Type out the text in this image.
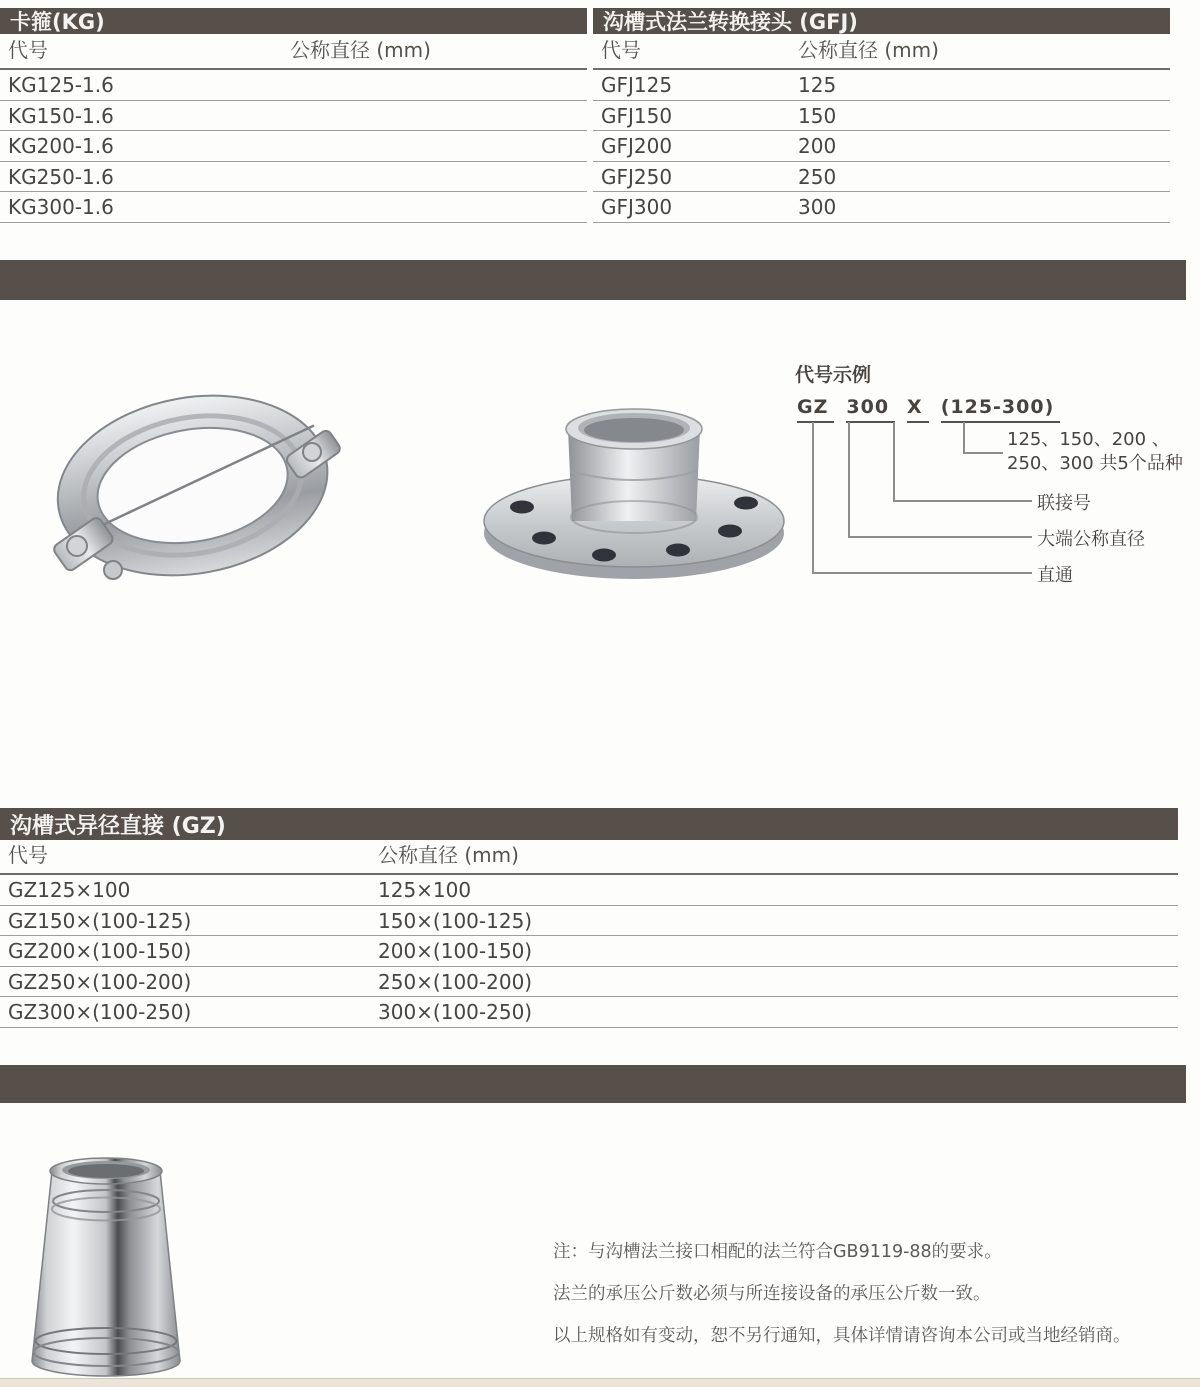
卡箍(KG)
代号	公称直径 (mm)
KG125-1.6
KG150-1.6
KG200-1.6
KG250-1.6
KG300-1.6
沟槽式法兰转换接头 (GFJ)
代号	公称直径 (mm)
GFJ125	125
GFJ150	150
GFJ200	200
GFJ250	250
GFJ300	300
代号示例
GZ 300 X (125-300)
125、150、200 、
250、300 共5个品种
联接号
大端公称直径
直通
沟槽式异径直接 (GZ)
代号	公称直径 (mm)
GZ125×100	125×100
GZ150×(100-125)	150×(100-125)
GZ200×(100-150)	200×(100-150)
GZ250×(100-200)	250×(100-200)
GZ300×(100-250)	300×(100-250)

注：与沟槽法兰接口相配的法兰符合GB9119-88的要求。

法兰的承压公斤数必须与所连接设备的承压公斤数一致。

以上规格如有变动，恕不另行通知，具体详情请咨询本公司或当地经销商。
